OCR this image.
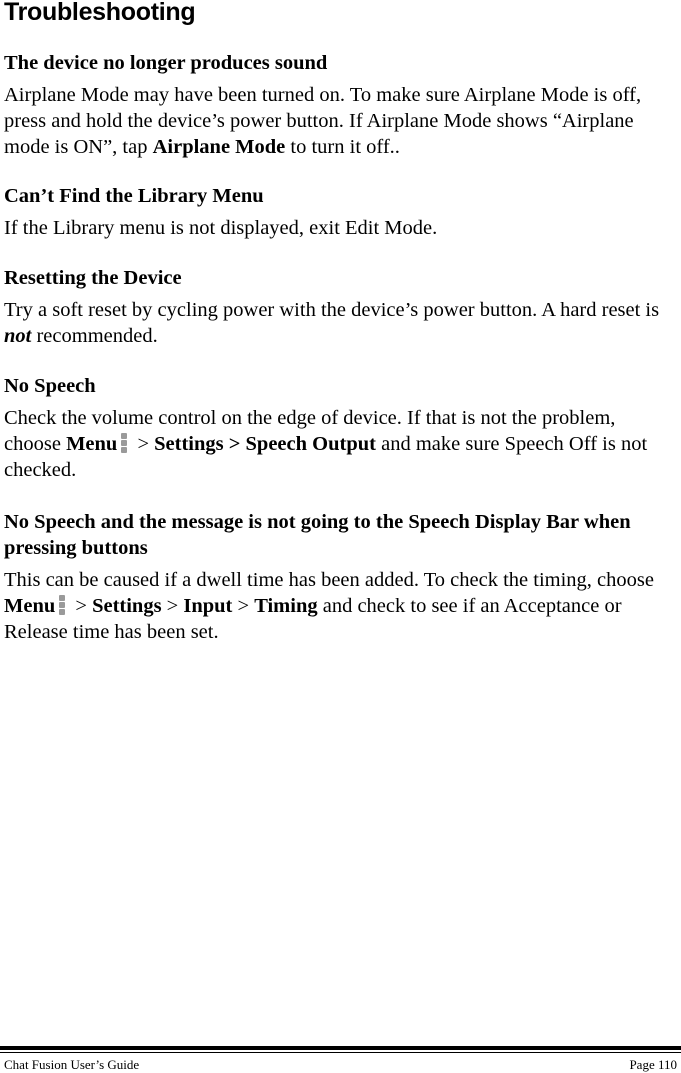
Troubleshooting
The device no longer produces sound

Airplane Mode may have been turned on. To make sure Airplane Mode is off, press and hold the device’s power button. If Airplane Mode shows “Airplane mode is ON”, tap Airplane Mode to turn it off..

Can’t Find the Library Menu

If the Library menu is not displayed, exit Edit Mode.

Resetting the Device

Try a soft reset by cycling power with the device’s power button. A hard reset is not recommended.

No Speech

Check the volume control on the edge of device. If that is not the problem, choose Menu
> Settings > Speech Output and make sure Speech Off is not checked.

No Speech and the message is not going to the Speech Display Bar when pressing buttons

This can be caused if a dwell time has been added. To check the timing, choose Menu
> Settings > Input > Timing and check to see if an Acceptance or Release time has been set.

Chat Fusion User’s Guide	Page 110
